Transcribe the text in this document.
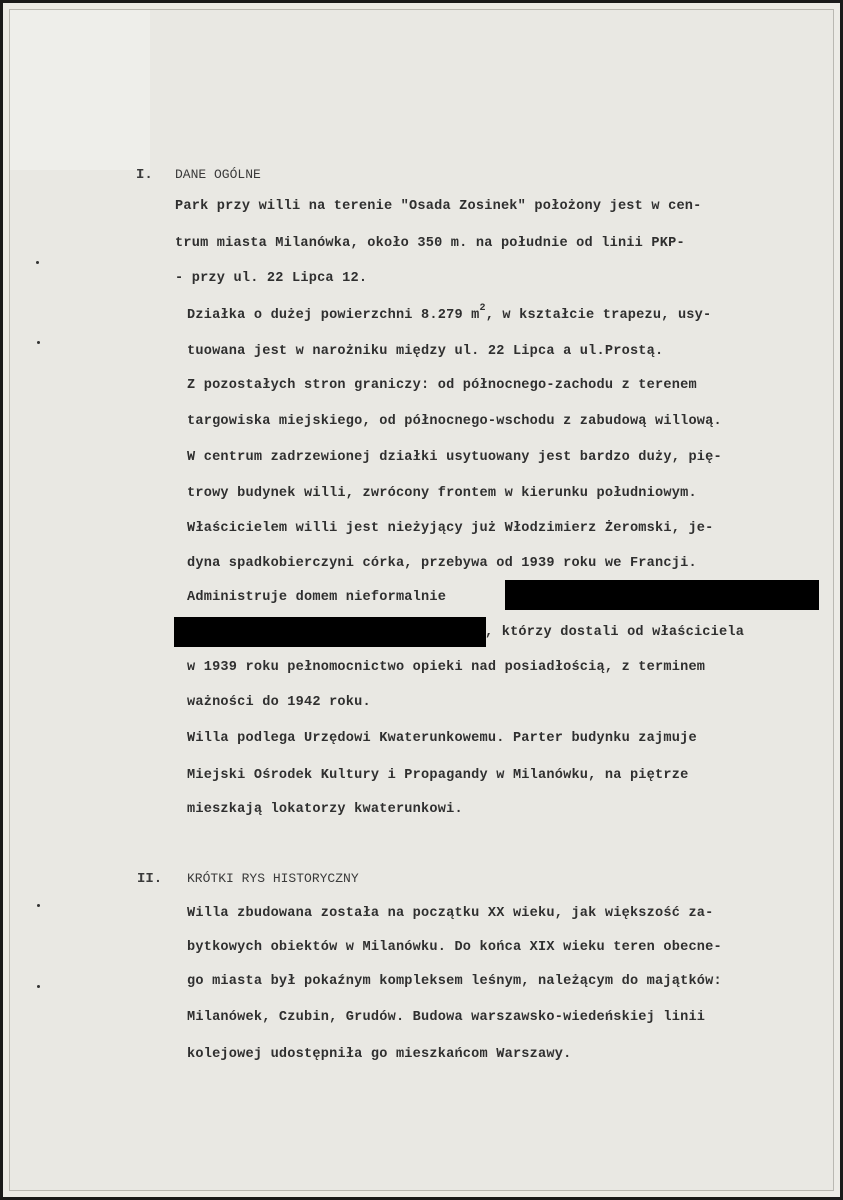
I. DANE OGÓLNE
Park przy willi na terenie "Osada Zosinek" położony jest w cen-
trum miasta Milanówka, około 350 m. na południe od linii PKP-
- przy ul. 22 Lipca 12.
Działka o dużej powierzchni 8.279 $m^2$, w kształcie trapezu, usy-
tuowana jest w narożniku między ul. 22 Lipca a ul.Prostą.
Z pozostałych stron graniczy: od północnego-zachodu z terenem
targowiska miejskiego, od północnego-wschodu z zabudową willową.
W centrum zadrzewionej działki usytuowany jest bardzo duży, pię-
trowy budynek willi, zwrócony frontem w kierunku południowym.
Właścicielem willi jest nieżyjący już Włodzimierz Żeromski, je-
dyna spadkobierczyni córka, przebywa od 1939 roku we Francji.
Administruje domem nieformalnie
, którzy dostali od właściciela
w 1939 roku pełnomocnictwo opieki nad posiadłością, z terminem
ważności do 1942 roku.
Willa podlega Urzędowi Kwaterunkowemu. Parter budynku zajmuje
Miejski Ośrodek Kultury i Propagandy w Milanówku, na piętrze
mieszkają lokatorzy kwaterunkowi.
II. KRÓTKI RYS HISTORYCZNY
Willa zbudowana została na początku XX wieku, jak większość za-
bytkowych obiektów w Milanówku. Do końca XIX wieku teren obecne-
go miasta był pokaźnym kompleksem leśnym, należącym do majątków:
Milanówek, Czubin, Grudów. Budowa warszawsko-wiedeńskiej linii
kolejowej udostępniła go mieszkańcom Warszawy.
